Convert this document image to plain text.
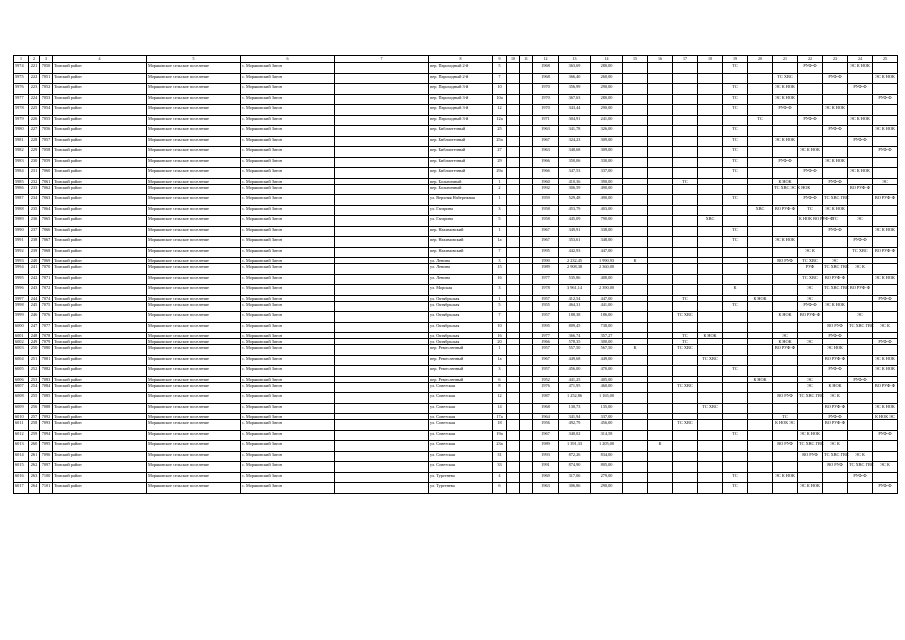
1	2	3	4	5	6	7	8	9	10	11	12	13	14	15	16	17	18	19	20	21	22	23	24	25
5974	221	7050	Томский район	Моряковское сельское поселение	с. Моряковский Затон		пер. Пароходный 2-й	5			1968	363,69	280,00					ТС			РУФ-Ф		ЭС К НОК	
5975	222	7051	Томский район	Моряковское сельское поселение	с. Моряковский Затон		пер. Пароходный 2-й	7			1968	366,40	260,00							ТС ХВС		РУФ-Ф		ЭС К НОК
5976	223	7052	Томский район	Моряковское сельское поселение	с. Моряковский Затон		пер. Пароходный 3-й	10			1970	356,99	290,00					ТС		ЭС К НОК			РУФ-Ф	
5977	224	7053	Томский район	Моряковское сельское поселение	с. Моряковский Затон		пер. Пароходный 3-й	10а			1970	367,63	280,00					ТС		ЭС К НОК				РУФ-Ф
5978	225	7054	Томский район	Моряковское сельское поселение	с. Моряковский Затон		пер. Пароходный 3-й	12			1970	343,44	290,00					ТС		РУФ-Ф		ЭС К НОК		
5979	226	7055	Томский район	Моряковское сельское поселение	с. Моряковский Затон		пер. Пароходный 3-й	12а			1971	304,91	241,00						ТС		РУФ-Ф		ЭС К НОК	
5980	227	7056	Томский район	Моряковское сельское поселение	с. Моряковский Затон		пер. Библиотечный	25			1963	341,78	326,00					ТС				РУФ-Ф		ЭС К НОК
5981	228	7057	Томский район	Моряковское сельское поселение	с. Моряковский Затон		пер. Библиотечный	25а			1967	324,23	309,00					ТС		ЭС К НОК			РУФ-Ф	
5982	229	7058	Томский район	Моряковское сельское поселение	с. Моряковский Затон		пер. Библиотечный	27			1963	348,68	309,00					ТС			ЭС К НОК			РУФ-Ф
5983	230	7059	Томский район	Моряковское сельское поселение	с. Моряковский Затон		пер. Библиотечный	29			1966	350,06	330,00					ТС		РУФ-Ф		ЭС К НОК		
5984	231	7060	Томский район	Моряковское сельское поселение	с. Моряковский Затон		пер. Библиотечный	29а			1966	347,53	337,00					ТС			РУФ-Ф		ЭС К НОК	
5985	232	7061	Томский район	Моряковское сельское поселение	с. Моряковский Затон		пер. Больничный	1			1960	410,36	390,00			ТС				К НОК		РУФ-Ф		ЭС
5986	233	7062	Томский район	Моряковское сельское поселение	с. Моряковский Затон		пер. Больничный	2			1992	306,59	490,00							ТС ХВС ЭС К НОК			ВО РУФ-Ф	
5987	234	7063	Томский район	Моряковское сельское поселение	с. Моряковский Затон		ул. Верхняя Набережная	1			1959	529,48	490,00					ТС			РУФ-Ф	ТС ХВС ГВС		ВО РУФ-Ф
5988	235	7064	Томский район	Моряковское сельское поселение	с. Моряковский Затон		ул. Гагарина	3			1958	453,79	403,00						ХВС	ВО РУФ-Ф	ТС	ЭС К НОК		
5989	236	7065	Томский район	Моряковское сельское поселение	с. Моряковский Затон		ул. Гагарина	5			1958	445,09	790,00				ХВС				К НОК ВО РУФ-Ф	ТС	ЭС	
5990	237	7066	Томский район	Моряковское сельское поселение	с. Моряковский Затон		пер. Нахимовский	1			1967	349,91	338,00					ТС				РУФ-Ф		ЭС К НОК
5991	238	7067	Томский район	Моряковское сельское поселение	с. Моряковский Затон		пер. Нахимовский	1а			1967	353,61	348,00					ТС		ЭС К НОК			РУФ-Ф	
5992	239	7068	Томский район	Моряковское сельское поселение	с. Моряковский Затон		пер. Нахимовский	7			1995	442,93	447,00								ЭС К		ТС ХВС	ВО РУФ-Ф
5993	240	7069	Томский район	Моряковское сельское поселение	с. Моряковский Затон		ул. Ленина	3			1990	2 232,45	1 990,93	К						ВО РУФ	ТС ХВС	ЭС		
5994	241	7070	Томский район	Моряковское сельское поселение	с. Моряковский Затон		ул. Ленина	15			1989	2 908,38	2 360,00								РУФ	ТС ХВС ГВС	ЭС К	
5995	242	7071	Томский район	Моряковское сельское поселение	с. Моряковский Затон		ул. Ленина	16			1977	535,86	408,00								ТС ХВС	ВО РУФ-Ф		ЭС К НОК
5996	243	7072	Томский район	Моряковское сельское поселение	с. Моряковский Затон		ул. Морская	3			1978	3 961,14	2 390,00					К			ЭС	ТС ХВС ГВС	ВО РУФ-Ф	
5997	244	7074	Томский район	Моряковское сельское поселение	с. Моряковский Затон		ул. Октябрьская	1			1957	412,54	447,00			ТС			К НОК		ЭС			РУФ-Ф
5998	245	7075	Томский район	Моряковское сельское поселение	с. Моряковский Затон		ул. Октябрьская	5			1955	464,31	441,00					ТС			РУФ-Ф	ЭС К НОК		
5999	246	7076	Томский район	Моряковское сельское поселение	с. Моряковский Затон		ул. Октябрьская	7			1957	188,38	186,00			ТС ХВС				К НОК	ВО РУФ-Ф		ЭС	
6000	247	7077	Томский район	Моряковское сельское поселение	с. Моряковский Затон		ул. Октябрьская	10			1995	809,45	738,00									ВО РУФ	ТС ХВС ГВС	ЭС К
6001	248	7078	Томский район	Моряковское сельское поселение	с. Моряковский Затон		ул. Октябрьская	16			1977	366,74	357,27			ТС	К НОК			ЭС		РУФ-Ф		
6002	249	7079	Томский район	Моряковское сельское поселение	с. Моряковский Затон		ул. Октябрьская	20			1966	578,35	300,00			ТС				К НОК	ЭС			РУФ-Ф
6003	250	7080	Томский район	Моряковское сельское поселение	с. Моряковский Затон		пер. Ремесленный	1			1957	557,50	567,50	К		ТС ХВС				ВО РУФ-Ф		ЭС НОК		
6004	251	7081	Томский район	Моряковское сельское поселение	с. Моряковский Затон		пер. Ремесленный	1а			1967	449,68	449,00				ТС ХВС					ВО РУФ-Ф		ЭС К НОК
6005	252	7082	Томский район	Моряковское сельское поселение	с. Моряковский Затон		пер. Ремесленный	3			1957	456,00	470,00					ТС				РУФ-Ф		ЭС К НОК
6006	253	7083	Томский район	Моряковское сельское поселение	с. Моряковский Затон		пер. Ремесленный	6			1952	441,25	405,00						К НОК		ЭС		РУФ-Ф	
6007	254	7084	Томский район	Моряковское сельское поселение	с. Моряковский Затон		ул. Советская	8			1976	471,95	460,00			ТС ХВС					ЭС	К НОК		ВО РУФ-Ф
6008	255	7085	Томский район	Моряковское сельское поселение	с. Моряковский Затон		ул. Советская	12			1987	1 252,86	1 165,00							ВО РУФ	ТС ХВС ГВС	ЭС К		
6009	256	7088	Томский район	Моряковское сельское поселение	с. Моряковский Затон		ул. Советская	14			1968	130,73	135,00				ТС ХВС					ВО РУФ-Ф		ЭС К НОК
6010	257	7092	Томский район	Моряковское сельское поселение	с. Моряковский Затон		ул. Советская	17а			1964	341,94	337,00							ТС		РУФ-Ф		К НОК ЭС
6011	258	7093	Томский район	Моряковское сельское поселение	с. Моряковский Затон		ул. Советская	18			1956	492,79	456,00			ТС ХВС				К НОК ЭС		ВО РУФ-Ф		
6012	259	7094	Томский район	Моряковское сельское поселение	с. Моряковский Затон		ул. Советская	19а			1967	340,02	314,58					ТС			ЭС К НОК			РУФ-Ф
6013	260	7095	Томский район	Моряковское сельское поселение	с. Моряковский Затон		ул. Советская	23а			1989	1 391,33	1 205,00		К					ВО РУФ	ТС ХВС ГВС	ЭС К		
6014	261	7096	Томский район	Моряковское сельское поселение	с. Моряковский Затон		ул. Советская	31			1993	872,26	834,00								ВО РУФ	ТС ХВС ГВС	ЭС К	
6015	262	7097	Томский район	Моряковское сельское поселение	с. Моряковский Затон		ул. Советская	33			1991	874,90	805,00									ВО РУФ	ТС ХВС ГВС	ЭС К
6016	263	7100	Томский район	Моряковское сельское поселение	с. Моряковский Затон		ул. Тургенева	4			1969	317,06	279,00					ТС		ЭС К НОК			РУФ-Ф	
6017	264	7101	Томский район	Моряковское сельское поселение	с. Моряковский Затон		ул. Тургенева	6			1963	306,86	290,00					ТС			ЭС К НОК			РУФ-Ф
